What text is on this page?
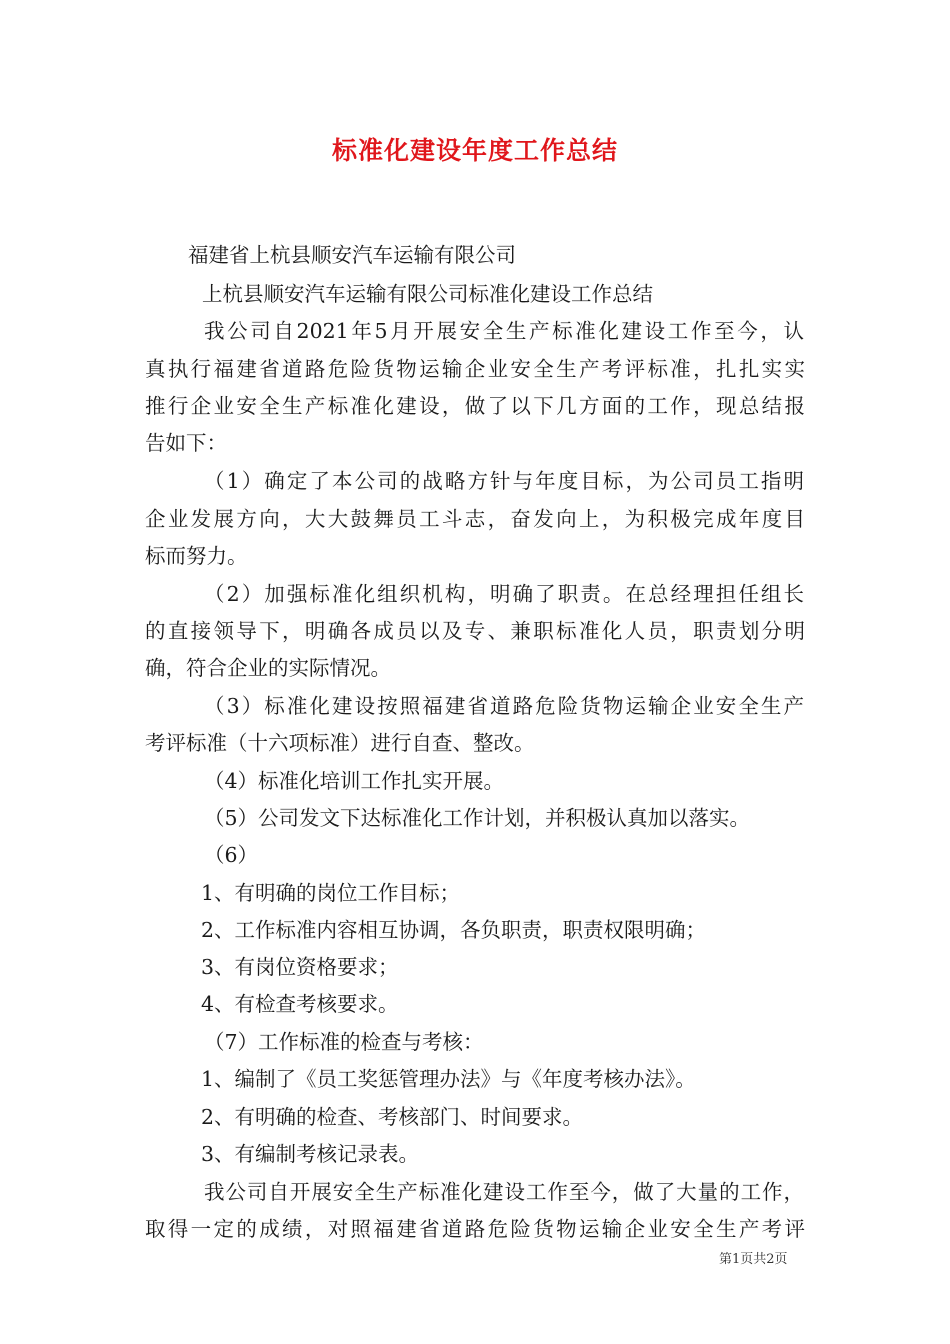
标准化建设年度工作总结
福建省上杭县顺安汽车运输有限公司
上杭县顺安汽车运输有限公司标准化建设工作总结
我公司自2021年5月开展安全生产标准化建设工作至今，认
真执行福建省道路危险货物运输企业安全生产考评标准，扎扎实实
推行企业安全生产标准化建设，做了以下几方面的工作，现总结报
告如下：
（1）确定了本公司的战略方针与年度目标，为公司员工指明
企业发展方向，大大鼓舞员工斗志，奋发向上，为积极完成年度目
标而努力。
（2）加强标准化组织机构，明确了职责。在总经理担任组长
的直接领导下，明确各成员以及专、兼职标准化人员，职责划分明
确，符合企业的实际情况。
（3）标准化建设按照福建省道路危险货物运输企业安全生产
考评标准（十六项标准）进行自查、整改。
（4）标准化培训工作扎实开展。
（5）公司发文下达标准化工作计划，并积极认真加以落实。
（6）
1、有明确的岗位工作目标；
2、工作标准内容相互协调，各负职责，职责权限明确；
3、有岗位资格要求；
4、有检查考核要求。
（7）工作标准的检查与考核：
1、编制了《员工奖惩管理办法》与《年度考核办法》。
2、有明确的检查、考核部门、时间要求。
3、有编制考核记录表。
我公司自开展安全生产标准化建设工作至今，做了大量的工作，
取得一定的成绩，对照福建省道路危险货物运输企业安全生产考评
第1页共2页
